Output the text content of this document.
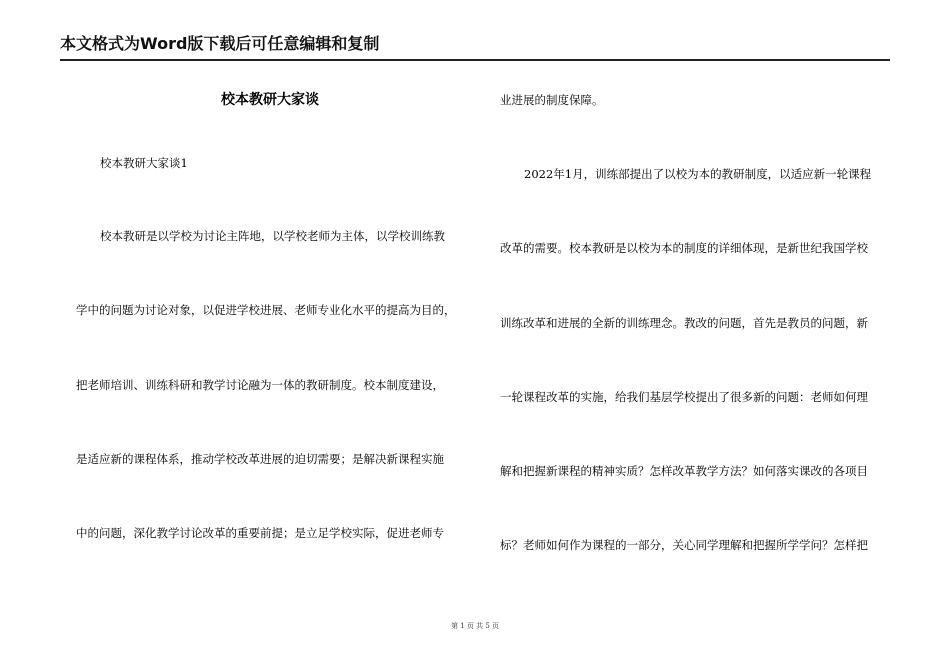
本文格式为Word版下载后可任意编辑和复制
校本教研大家谈
校本教研大家谈1
校本教研是以学校为讨论主阵地，以学校老师为主体，以学校训练教
学中的问题为讨论对象，以促进学校进展、老师专业化水平的提高为目的，
把老师培训、训练科研和教学讨论融为一体的教研制度。校本制度建设，
是适应新的课程体系，推动学校改革进展的迫切需要；是解决新课程实施
中的问题，深化教学讨论改革的重要前提；是立足学校实际，促进老师专
业进展的制度保障。
2022年1月，训练部提出了以校为本的教研制度，以适应新一轮课程
改革的需要。校本教研是以校为本的制度的详细体现，是新世纪我国学校
训练改革和进展的全新的训练理念。教改的问题，首先是教员的问题，新
一轮课程改革的实施，给我们基层学校提出了很多新的问题：老师如何理
解和把握新课程的精神实质？怎样改革教学方法？如何落实课改的各项目
标？老师如何作为课程的一部分，关心同学理解和把握所学学问？怎样把
第 1 页 共 5 页
